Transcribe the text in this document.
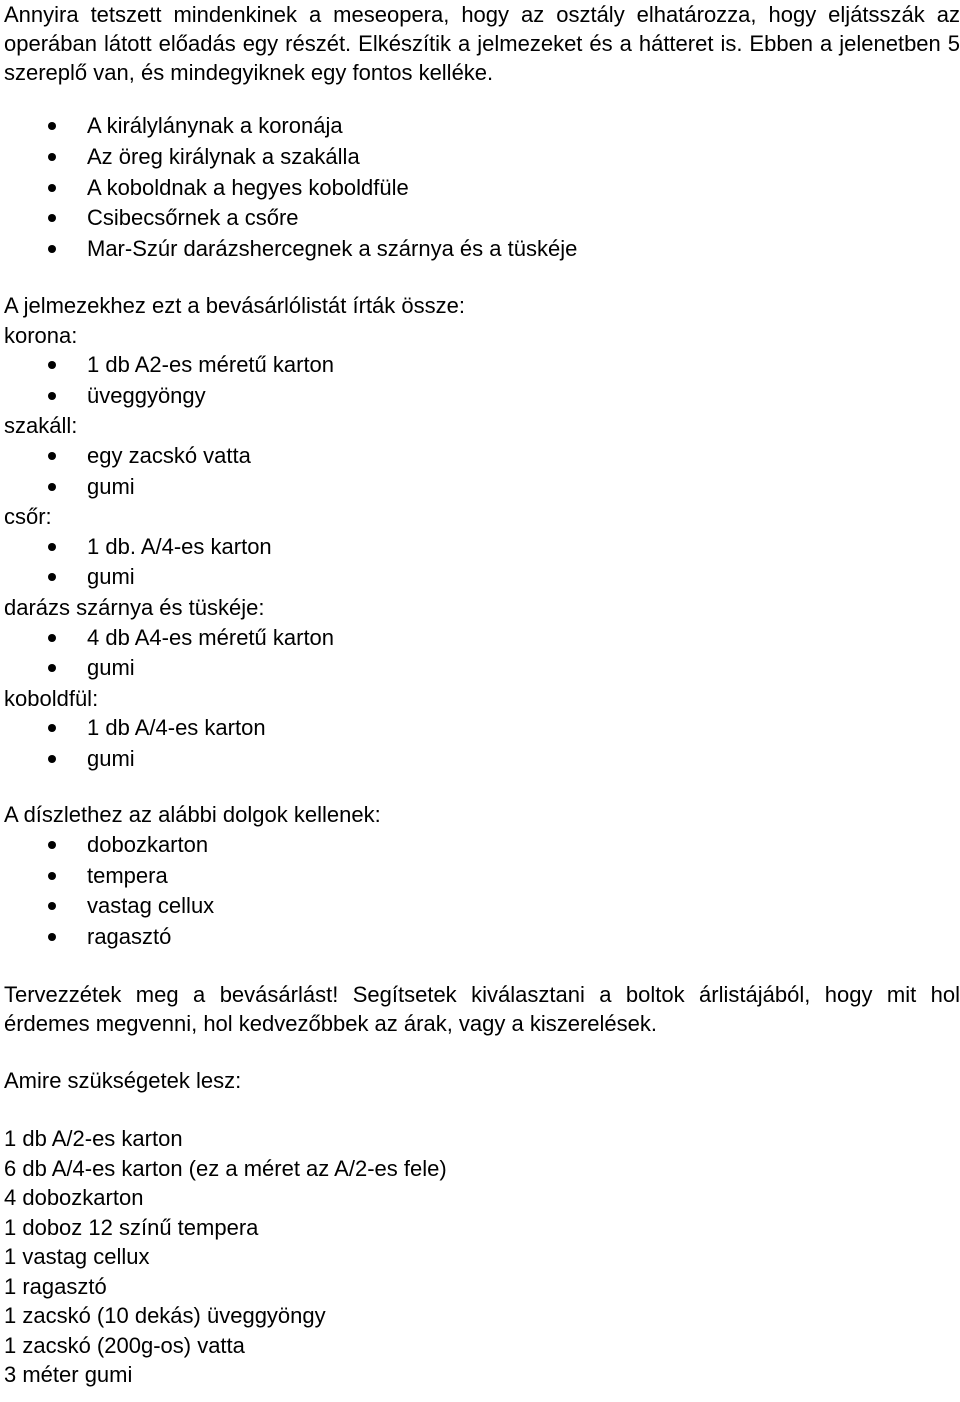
Annyira tetszett mindenkinek a meseopera, hogy az osztály elhatározza, hogy eljátsszák az operában látott előadás egy részét. Elkészítik a jelmezeket és a hátteret is. Ebben a jelenetben 5 szereplő van, és mindegyiknek egy fontos kelléke.

A királylánynak a koronája
Az öreg királynak a szakálla
A koboldnak a hegyes koboldfüle
Csibecsőrnek a csőre
Mar-Szúr darázshercegnek a szárnya és a tüskéje

A jelmezekhez ezt a bevásárlólistát írták össze:

korona:

1 db A2-es méretű karton
üveggyöngy

szakáll:

egy zacskó vatta
gumi

csőr:

1 db. A/4-es karton
gumi

darázs szárnya és tüskéje:

4 db A4-es méretű karton
gumi

koboldfül:

1 db A/4-es karton
gumi

A díszlethez az alábbi dolgok kellenek:

dobozkarton
tempera
vastag cellux
ragasztó

Tervezzétek meg a bevásárlást! Segítsetek kiválasztani a boltok árlistájából, hogy mit hol érdemes megvenni, hol kedvezőbbek az árak, vagy a kiszerelések.

Amire szükségetek lesz:

1 db A/2-es karton

6 db A/4-es karton (ez a méret az A/2-es fele)

4 dobozkarton

1 doboz 12 színű tempera

1 vastag cellux

1 ragasztó

1 zacskó (10 dekás) üveggyöngy

1 zacskó (200g-os) vatta

3 méter gumi
